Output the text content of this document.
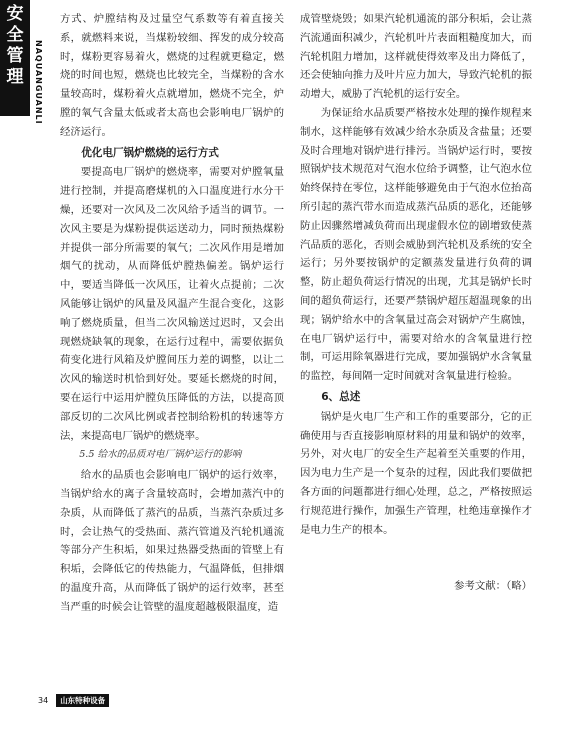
安
全
管
理	NAQUANGUANLI

方式、炉膛结构及过量空气系数等有着直接关系，就燃料来说，当煤粉较细、挥发的成分较高时，煤粉更容易着火，燃烧的过程就更稳定，燃烧的时间也短，燃烧也比较完全，当煤粉的含水量较高时，煤粉着火点就增加，燃烧不完全，炉膛的氧气含量太低或者太高也会影响电厂锅炉的经济运行。

优化电厂锅炉燃烧的运行方式

要提高电厂锅炉的燃烧率，需要对炉膛氧量进行控制，并提高磨煤机的入口温度进行水分干燥，还要对一次风及二次风给予适当的调节。一次风主要是为煤粉提供运送动力，同时预热煤粉并提供一部分所需要的氧气；二次风作用是增加烟气的扰动，从而降低炉膛热偏差。锅炉运行中，要适当降低一次风压，让着火点提前；二次风能够让锅炉的风量及风温产生混合变化，这影响了燃烧质量，但当二次风输送过迟时，又会出现燃烧缺氧的现象，在运行过程中，需要依据负荷变化进行风箱及炉膛间压力差的调整，以让二次风的输送时机恰到好处。要延长燃烧的时间，要在运行中运用炉膛负压降低的方法，以提高顶部反切的二次风比例或者控制给粉机的转速等方法，来提高电厂锅炉的燃烧率。

5.5 给水的品质对电厂锅炉运行的影响

给水的品质也会影响电厂锅炉的运行效率，当锅炉给水的离子含量较高时，会增加蒸汽中的杂质，从而降低了蒸汽的品质，当蒸汽杂质过多时，会让热气的受热面、蒸汽管道及汽轮机通流等部分产生积垢，如果过热器受热面的管壁上有积垢，会降低它的传热能力，气温降低，但排烟的温度升高，从而降低了锅炉的运行效率，甚至当严重的时候会让管壁的温度超越极限温度，造

成管壁烧毁；如果汽轮机通流的部分积垢，会让蒸汽流通面积减少，汽轮机叶片表面粗糙度加大，而汽轮机阻力增加，这样就使得效率及出力降低了，还会使轴向推力及叶片应力加大，导致汽轮机的振动增大，威胁了汽轮机的运行安全。

为保证给水品质要严格按水处理的操作规程来制水，这样能够有效减少给水杂质及含盐量；还要及时合理地对锅炉进行排污。当锅炉运行时，要按照锅炉技术规范对气泡水位给予调整，让气泡水位始终保持在零位，这样能够避免由于气泡水位抬高所引起的蒸汽带水而造成蒸汽品质的恶化，还能够防止因骤然增减负荷而出现虚假水位的剧增致使蒸汽品质的恶化，否则会威胁到汽轮机及系统的安全运行；另外要按锅炉的定额蒸发量进行负荷的调整，防止超负荷运行情况的出现，尤其是锅炉长时间的超负荷运行，还要严禁锅炉超压超温现象的出现；锅炉给水中的含氧量过高会对锅炉产生腐蚀，在电厂锅炉运行中，需要对给水的含氧量进行控制，可运用除氧器进行完成，要加强锅炉水含氧量的监控，每间隔一定时间就对含氧量进行检验。

6、总述

锅炉是火电厂生产和工作的重要部分，它的正确使用与否直接影响原材料的用量和锅炉的效率，另外，对火电厂的安全生产起着至关重要的作用，因为电力生产是一个复杂的过程，因此我们要做把各方面的问题都进行细心处理，总之，严格按照运行规范进行操作，加强生产管理，杜绝违章操作才是电力生产的根本。

参考文献：（略）

34	山东特种设备
